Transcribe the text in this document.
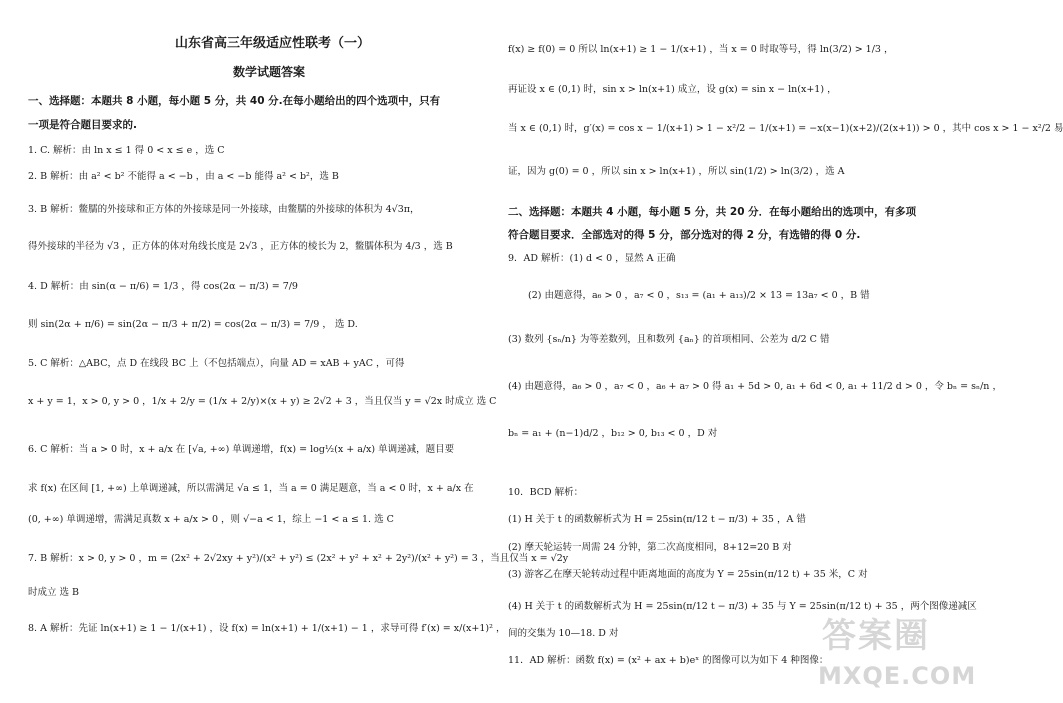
山东省高三年级适应性联考（一）
数学试题答案
一、选择题：本题共 8 小题，每小题 5 分，共 40 分.在每小题给出的四个选项中，只有
一项是符合题目要求的.
1. C. 解析：由 ln x ≤ 1 得 0 < x ≤ e ，选 C
2. B 解析：由 a² < b² 不能得 a < −b ，由 a < −b 能得 a² < b²，选 B
3. B 解析：鳖臑的外接球和正方体的外接球是同一外接球，由鳖臑的外接球的体积为 4√3π，
得外接球的半径为 √3 ，正方体的体对角线长度是 2√3 ，正方体的棱长为 2，鳖臑体积为 4/3 ，选 B
4. D 解析：由 sin(α − π/6) = 1/3 ，得 cos(2α − π/3) = 7/9
则 sin(2α + π/6) = sin(2α − π/3 + π/2) = cos(2α − π/3) = 7/9 ， 选 D.
5. C 解析：△ABC，点 D 在线段 BC 上（不包括端点），向量 AD = xAB + yAC ，可得
x + y = 1，x > 0, y > 0 ，1/x + 2/y = (1/x + 2/y)×(x + y) ≥ 2√2 + 3 ，当且仅当 y = √2x 时成立 选 C
6. C 解析：当 a > 0 时，x + a/x 在 [√a, +∞) 单调递增，f(x) = log½(x + a/x) 单调递减，题目要
求 f(x) 在区间 [1, +∞) 上单调递减，所以需满足 √a ≤ 1，当 a = 0 满足题意，当 a < 0 时，x + a/x 在
(0, +∞) 单调递增，需满足真数 x + a/x > 0 ，则 √−a < 1，综上 −1 < a ≤ 1. 选 C
7. B 解析：x > 0, y > 0 ，m = (2x² + 2√2xy + y²)/(x² + y²) ≤ (2x² + y² + x² + 2y²)/(x² + y²) = 3 ，当且仅当 x = √2y
时成立 选 B
8. A 解析：先证 ln(x+1) ≥ 1 − 1/(x+1) ，设 f(x) = ln(x+1) + 1/(x+1) − 1 ，求导可得 f′(x) = x/(x+1)² ，
f(x) ≥ f(0) = 0 所以 ln(x+1) ≥ 1 − 1/(x+1) ，当 x = 0 时取等号，得 ln(3/2) > 1/3 ，
再证设 x ∈ (0,1) 时，sin x > ln(x+1) 成立，设 g(x) = sin x − ln(x+1) ，
当 x ∈ (0,1) 时，g′(x) = cos x − 1/(x+1) > 1 − x²/2 − 1/(x+1) = −x(x−1)(x+2)/(2(x+1)) > 0 ，其中 cos x > 1 − x²/2 易
证，因为 g(0) = 0 ，所以 sin x > ln(x+1) ，所以 sin(1/2) > ln(3/2) ，选 A
二、选择题：本题共 4 小题，每小题 5 分，共 20 分．在每小题给出的选项中，有多项
符合题目要求．全部选对的得 5 分，部分选对的得 2 分，有选错的得 0 分.
9．AD 解析：(1) d < 0 ，显然 A 正确
(2) 由题意得，a₆ > 0 ，a₇ < 0 ，s₁₃ = (a₁ + a₁₃)/2 × 13 = 13a₇ < 0 ，B 错
(3) 数列 {sₙ/n} 为等差数列，且和数列 {aₙ} 的首项相同、公差为 d/2 C 错
(4) 由题意得，a₆ > 0 ，a₇ < 0 ，a₆ + a₇ > 0 得 a₁ + 5d > 0, a₁ + 6d < 0, a₁ + 11/2 d > 0 ，令 bₙ = sₙ/n ，
bₙ = a₁ + (n−1)d/2 ，b₁₂ > 0, b₁₃ < 0 ，D 对
10．BCD 解析：
(1) H 关于 t 的函数解析式为 H = 25sin(π/12 t − π/3) + 35 ，A 错
(2) 摩天轮运转一周需 24 分钟，第二次高度相同，8+12=20 B 对
(3) 游客乙在摩天轮转动过程中距离地面的高度为 Y = 25sin(π/12 t) + 35 米，C 对
(4) H 关于 t 的函数解析式为 H = 25sin(π/12 t − π/3) + 35 与 Y = 25sin(π/12 t) + 35 ，两个图像递减区
间的交集为 10—18. D 对
11．AD 解析：函数 f(x) = (x² + ax + b)eˣ 的图像可以为如下 4 种图像：
答案圈
MXQE.COM
